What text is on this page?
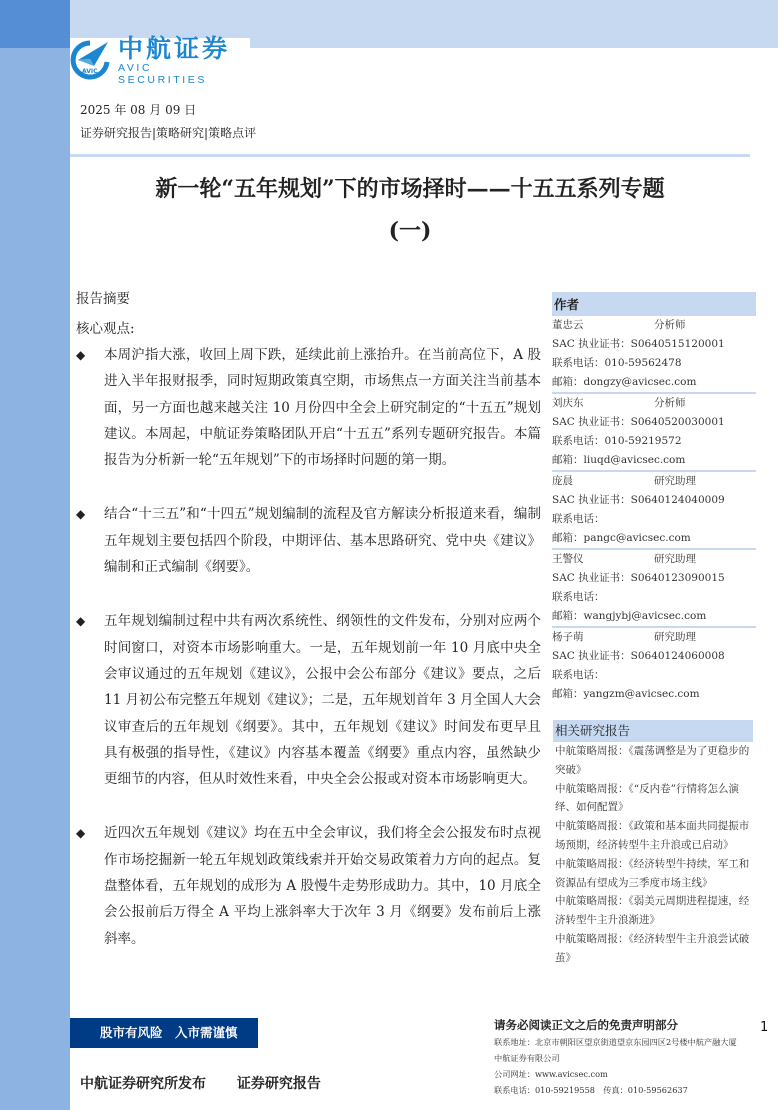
AVIC
中航证券
AVIC SECURITIES
2025 年 08 月 09 日
证券研究报告|策略研究|策略点评
新一轮“五年规划”下的市场择时——十五五系列专题
(一)
报告摘要
核心观点:
◆	本周沪指大涨，收回上周下跌，延续此前上涨抬升。在当前高位下，A 股进入半年报财报季，同时短期政策真空期，市场焦点一方面关注当前基本面，另一方面也越来越关注 10 月份四中全会上研究制定的“十五五”规划建议。本周起，中航证券策略团队开启“十五五”系列专题研究报告。本篇报告为分析新一轮“五年规划”下的市场择时问题的第一期。
◆	结合“十三五”和“十四五”规划编制的流程及官方解读分析报道来看，编制五年规划主要包括四个阶段，中期评估、基本思路研究、党中央《建议》编制和正式编制《纲要》。
◆	五年规划编制过程中共有两次系统性、纲领性的文件发布，分别对应两个时间窗口，对资本市场影响重大。一是，五年规划前一年 10 月底中央全会审议通过的五年规划《建议》，公报中会公布部分《建议》要点，之后 11 月初公布完整五年规划《建议》；二是，五年规划首年 3 月全国人大会议审查后的五年规划《纲要》。其中，五年规划《建议》时间发布更早且具有极强的指导性，《建议》内容基本覆盖《纲要》重点内容，虽然缺少更细节的内容，但从时效性来看，中央全会公报或对资本市场影响更大。
◆	近四次五年规划《建议》均在五中全会审议，我们将全会公报发布时点视作市场挖掘新一轮五年规划政策线索并开始交易政策着力方向的起点。复盘整体看，五年规划的成形为 A 股慢牛走势形成助力。其中，10 月底全会公报前后万得全 A 平均上涨斜率大于次年 3 月《纲要》发布前后上涨斜率。
作者
董忠云	分析师
SAC 执业证书：S0640515120001
联系电话：010-59562478
邮箱：dongzy@avicsec.com
刘庆东	分析师
SAC 执业证书：S0640520030001
联系电话：010-59219572
邮箱：liuqd@avicsec.com
庞晨	研究助理
SAC 执业证书：S0640124040009
联系电话：
邮箱：pangc@avicsec.com
王警仪	研究助理
SAC 执业证书：S0640123090015
联系电话：
邮箱：wangjybj@avicsec.com
杨子萌	研究助理
SAC 执业证书：S0640124060008
联系电话：
邮箱：yangzm@avicsec.com
相关研究报告
中航策略周报：《震荡调整是为了更稳步的突破》
中航策略周报：《“反内卷”行情将怎么演绎、如何配置》
中航策略周报：《政策和基本面共同提振市场预期，经济转型牛主升浪或已启动》
中航策略周报：《经济转型牛持续，军工和资源品有望成为三季度市场主线》
中航策略周报：《弱美元周期进程提速，经济转型牛主升浪渐进》
中航策略周报：《经济转型牛主升浪尝试破茧》
股市有风险　入市需谨慎
中航证券研究所发布 证券研究报告
请务必阅读正文之后的免责声明部分
联系地址：北京市朝阳区望京街道望京东园四区2号楼中航产融大厦
中航证券有限公司
公司网址：www.avicsec.com
联系电话：010-59219558　传真：010-59562637
1
